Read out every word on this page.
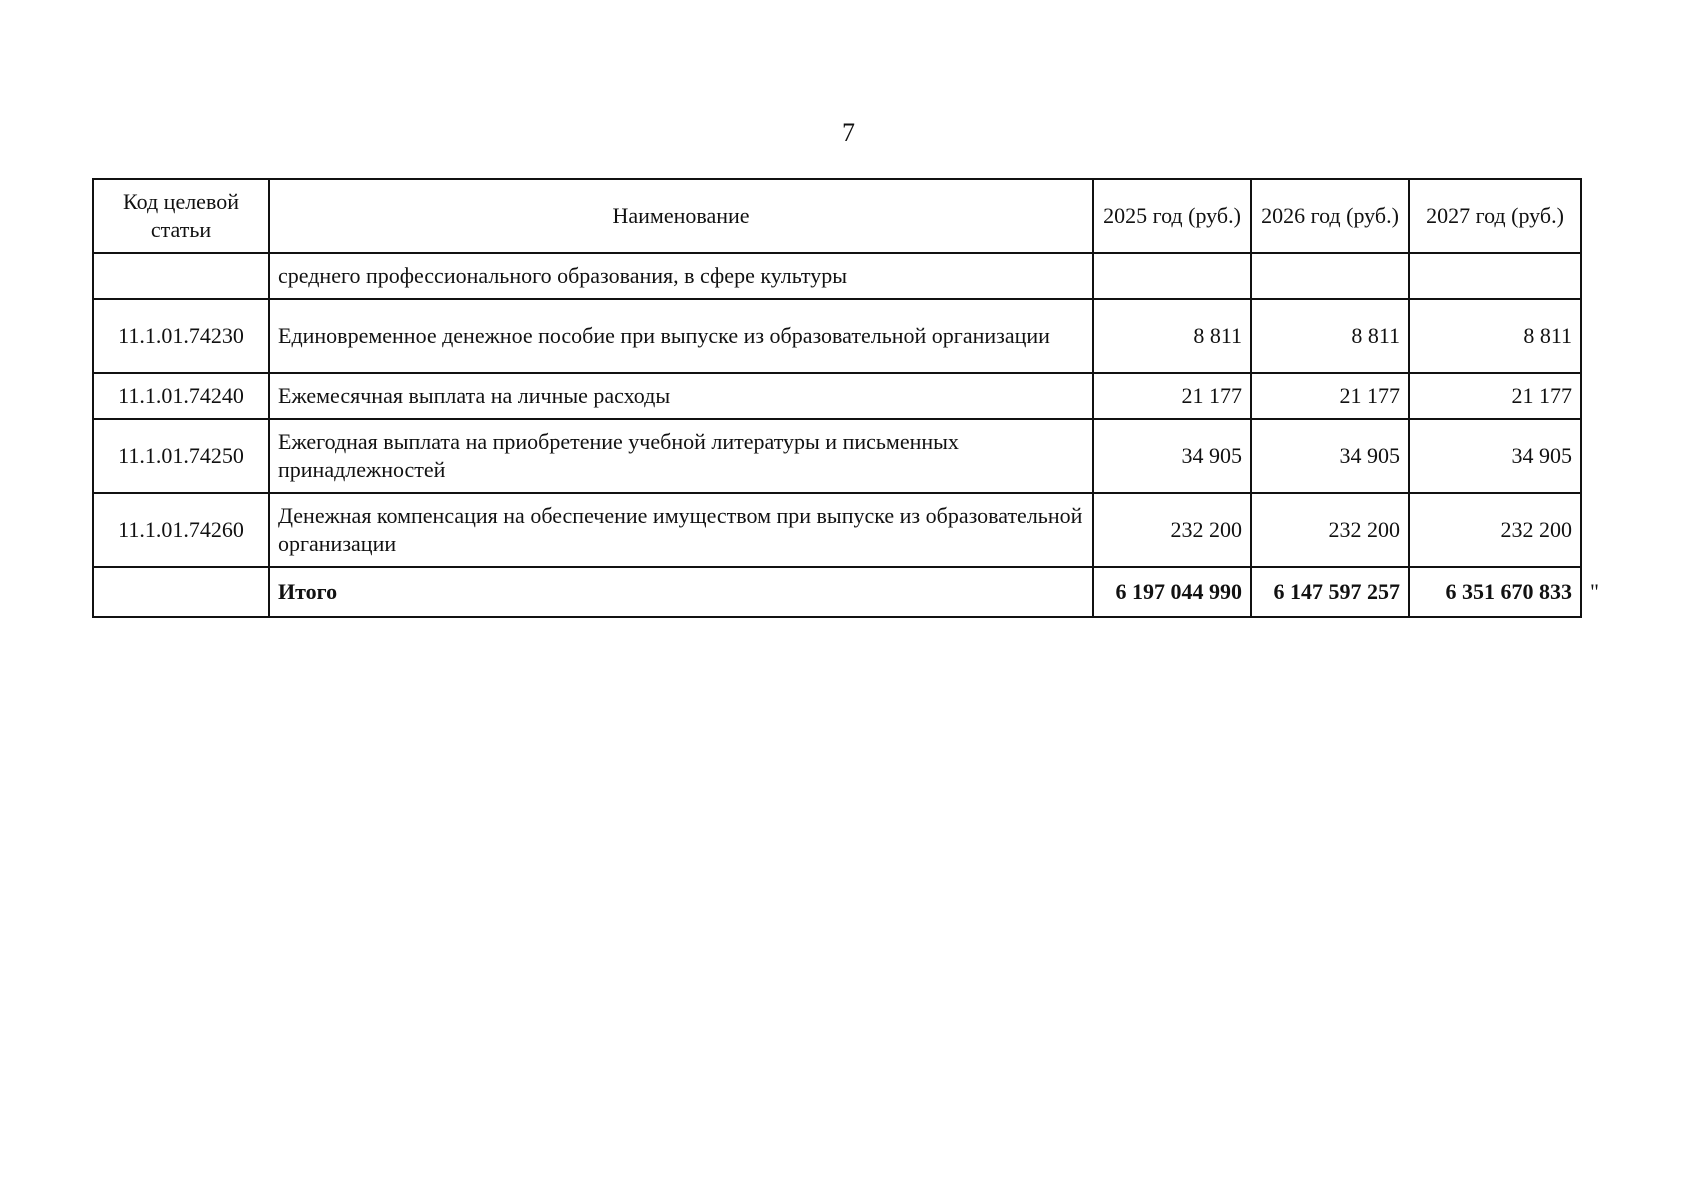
7
Код целевой статьи	Наименование	2025 год (руб.)	2026 год (руб.)	2027 год (руб.)
	среднего профессионального образования, в сфере культуры			
11.1.01.74230	Единовременное денежное пособие при выпуске из образовательной организации	8 811	8 811	8 811
11.1.01.74240	Ежемесячная выплата на личные расходы	21 177	21 177	21 177
11.1.01.74250	Ежегодная выплата на приобретение учебной литературы и письменных принадлежностей	34 905	34 905	34 905
11.1.01.74260	Денежная компенсация на обеспечение имуществом при выпуске из образовательной организации	232 200	232 200	232 200
	Итого	6 197 044 990	6 147 597 257	6 351 670 833 "
